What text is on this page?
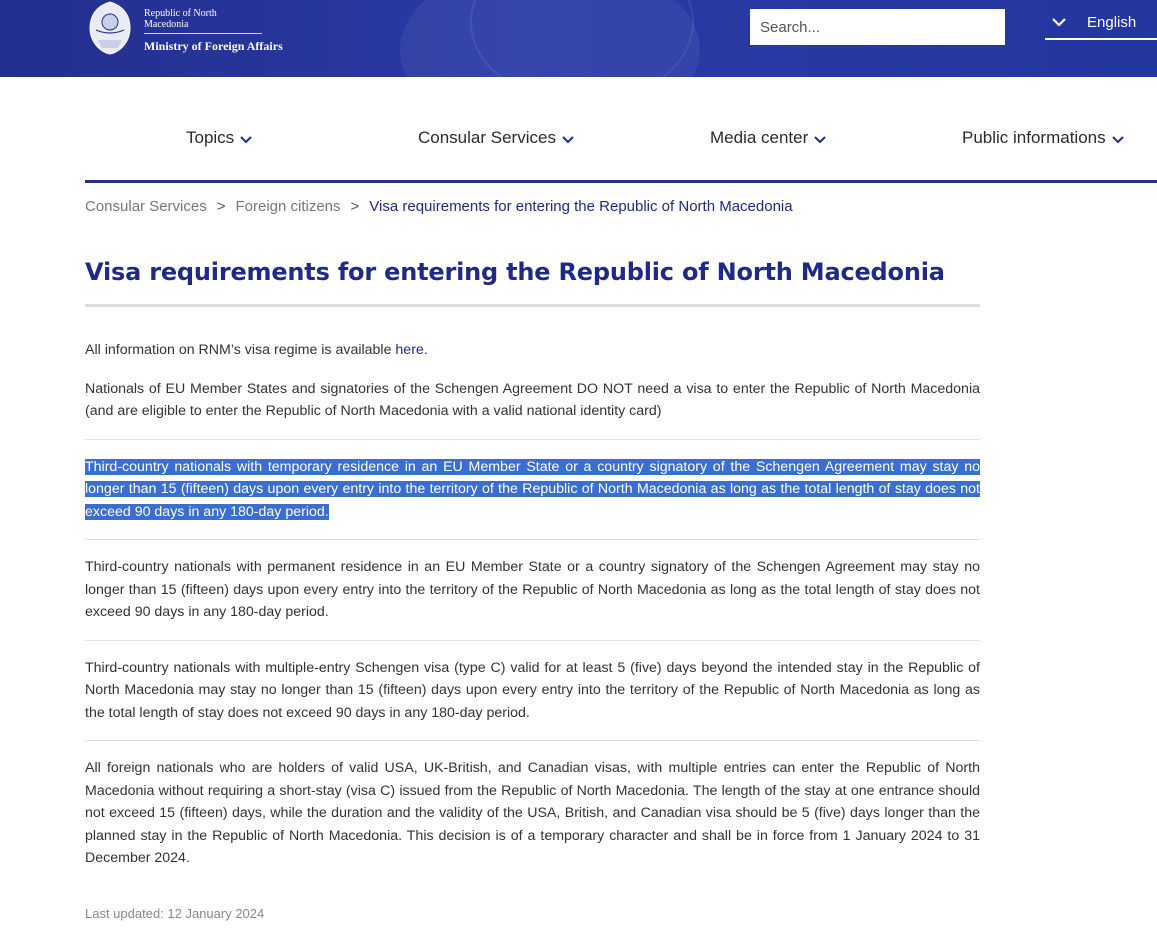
Republic of North Macedonia
Ministry of Foreign Affairs
Search...
English
Topics	Consular Services	Media center	Public informations
Consular Services > Foreign citizens > Visa requirements for entering the Republic of North Macedonia
Visa requirements for entering the Republic of North Macedonia

All information on RNM’s visa regime is available here.

Nationals of EU Member States and signatories of the Schengen Agreement DO NOT need a visa to enter the Republic of North Macedonia (and are eligible to enter the Republic of North Macedonia with a valid national identity card)

Third-country nationals with temporary residence in an EU Member State or a country signatory of the Schengen Agreement may stay no longer than 15 (fifteen) days upon every entry into the territory of the Republic of North Macedonia as long as the total length of stay does not exceed 90 days in any 180-day period.

Third-country nationals with permanent residence in an EU Member State or a country signatory of the Schengen Agreement may stay no longer than 15 (fifteen) days upon every entry into the territory of the Republic of North Macedonia as long as the total length of stay does not exceed 90 days in any 180-day period.

Third-country nationals with multiple-entry Schengen visa (type C) valid for at least 5 (five) days beyond the intended stay in the Republic of North Macedonia may stay no longer than 15 (fifteen) days upon every entry into the territory of the Republic of North Macedonia as long as the total length of stay does not exceed 90 days in any 180-day period.

All foreign nationals who are holders of valid USA, UK-British, and Canadian visas, with multiple entries can enter the Republic of North Macedonia without requiring a short-stay (visa C) issued from the Republic of North Macedonia. The length of the stay at one entrance should not exceed 15 (fifteen) days, while the duration and the validity of the USA, British, and Canadian visa should be 5 (five) days longer than the planned stay in the Republic of North Macedonia. This decision is of a temporary character and shall be in force from 1 January 2024 to 31 December 2024.

Last updated: 12 January 2024
